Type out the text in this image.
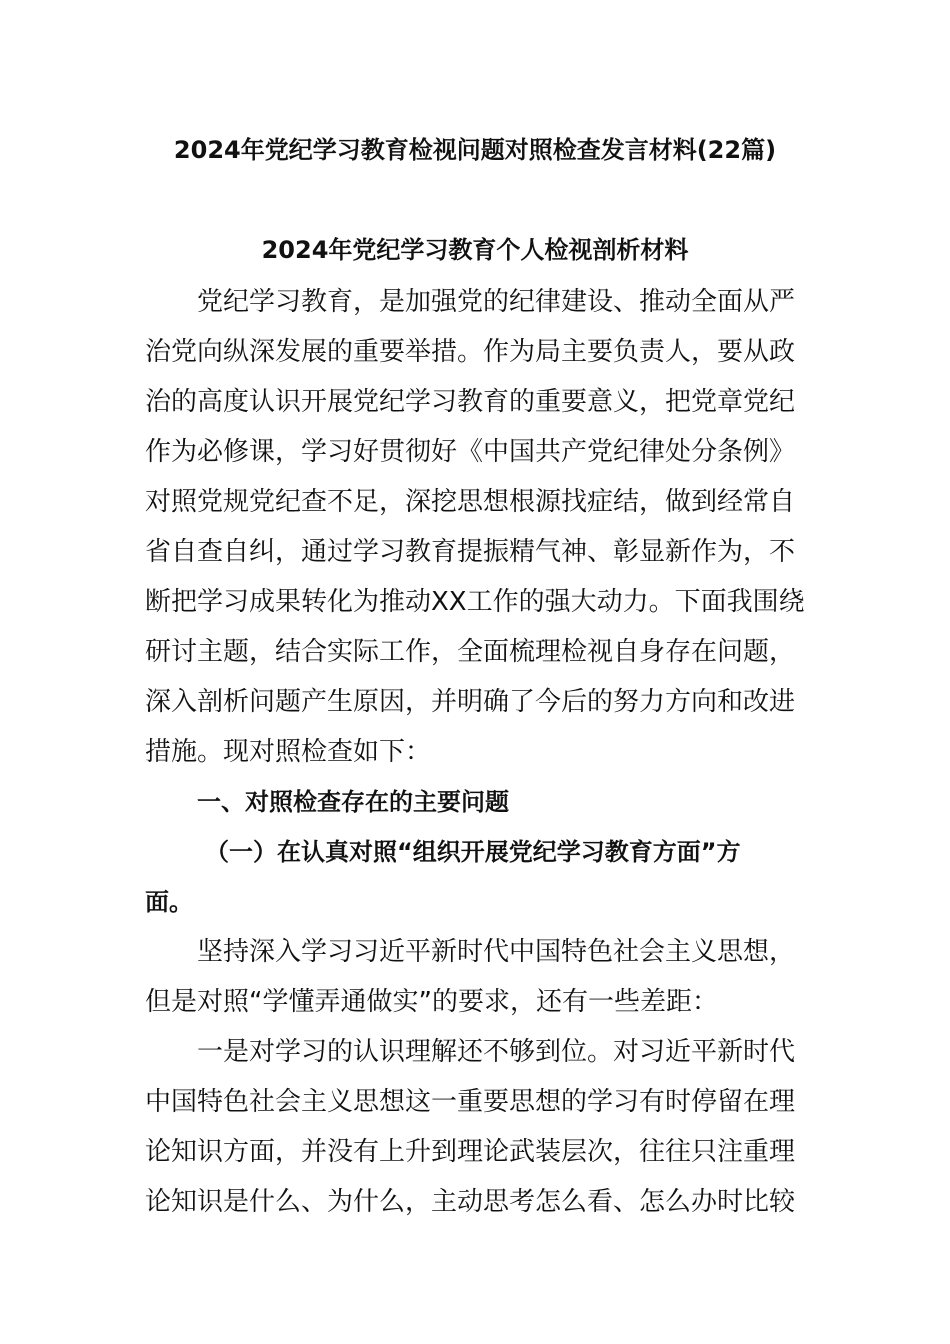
2024年党纪学习教育检视问题对照检查发言材料(22篇)
2024年党纪学习教育个人检视剖析材料
党纪学习教育，是加强党的纪律建设、推动全面从严
治党向纵深发展的重要举措。作为局主要负责人，要从政
治的高度认识开展党纪学习教育的重要意义，把党章党纪
作为必修课，学习好贯彻好《中国共产党纪律处分条例》
对照党规党纪查不足，深挖思想根源找症结，做到经常自
省自查自纠，通过学习教育提振精气神、彰显新作为，不
断把学习成果转化为推动XX工作的强大动力。下面我围绕
研讨主题，结合实际工作，全面梳理检视自身存在问题，
深入剖析问题产生原因，并明确了今后的努力方向和改进
措施。现对照检查如下：
一、对照检查存在的主要问题
（一）在认真对照“组织开展党纪学习教育方面”方
面。
坚持深入学习习近平新时代中国特色社会主义思想，
但是对照“学懂弄通做实”的要求，还有一些差距：
一是对学习的认识理解还不够到位。对习近平新时代
中国特色社会主义思想这一重要思想的学习有时停留在理
论知识方面，并没有上升到理论武装层次，往往只注重理
论知识是什么、为什么，主动思考怎么看、怎么办时比较
